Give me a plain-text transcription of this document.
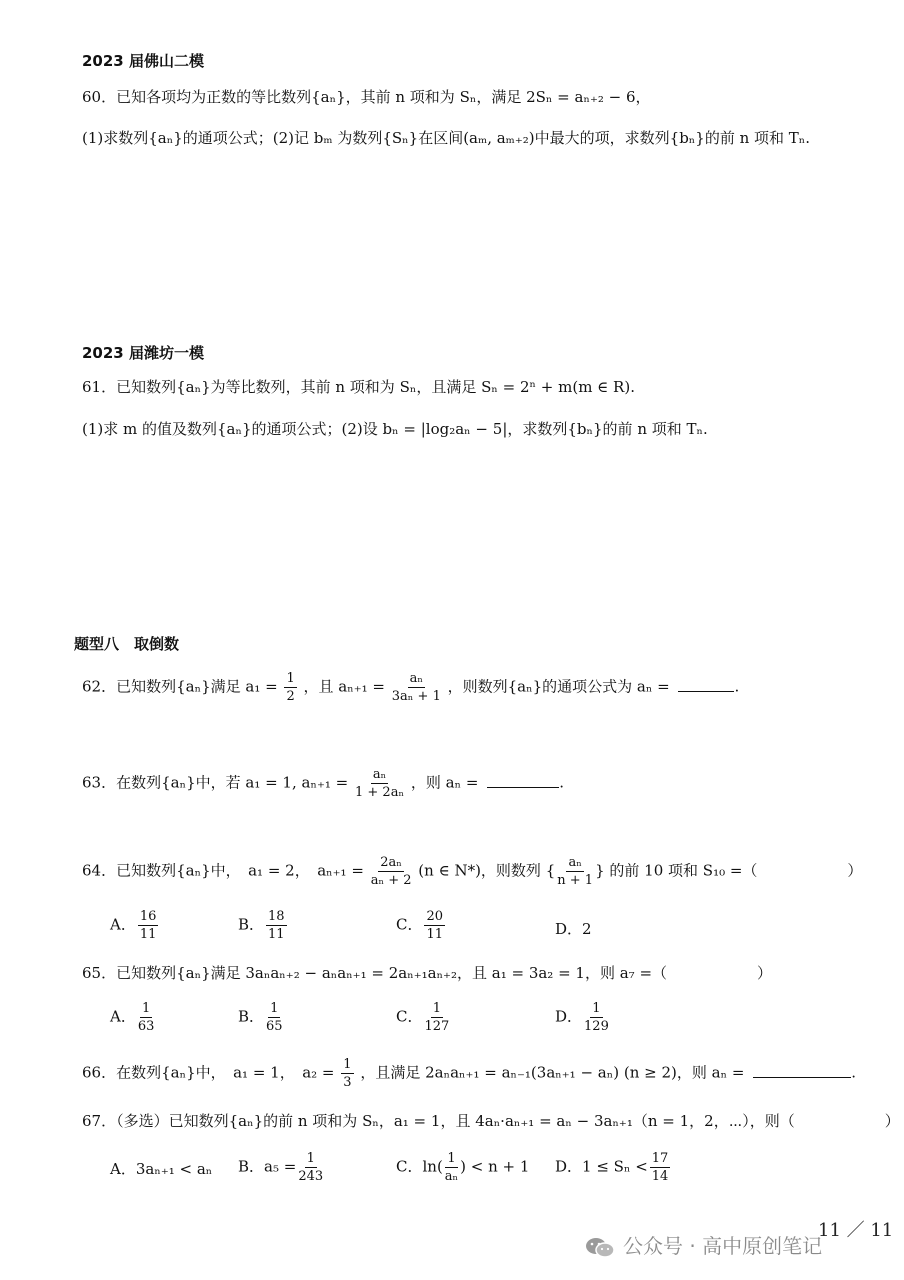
2023 届佛山二模
60．已知各项均为正数的等比数列{aₙ}，其前 n 项和为 Sₙ，满足 2Sₙ = aₙ₊₂ − 6，
(1)求数列{aₙ}的通项公式；(2)记 bₘ 为数列{Sₙ}在区间(aₘ, aₘ₊₂)中最大的项，求数列{bₙ}的前 n 项和 Tₙ.
2023 届潍坊一模
61．已知数列{aₙ}为等比数列，其前 n 项和为 Sₙ，且满足 Sₙ = 2ⁿ + m(m ∈ R).
(1)求 m 的值及数列{aₙ}的通项公式；(2)设 bₙ = |log₂aₙ − 5|，求数列{bₙ}的前 n 项和 Tₙ.
题型八　取倒数
62．已知数列{aₙ}满足 $a_1 = \frac{1}{2}$ ，且 $a_{n+1} = \frac{\text{aₙ}}{\text{3aₙ + 1}}$ ，则数列{aₙ}的通项公式为 aₙ =	.
63．在数列{aₙ}中，若 a₁ = 1, $a_{n+1} = \frac{\text{aₙ}}{\text{1 + 2aₙ}}$ ，则 aₙ =	.
64．已知数列{aₙ}中，　a₁ = 2，　$a_{n+1} = \frac{\text{2aₙ}}{\text{aₙ + 2}} (n$ ∈ N*)，则数列 { $\frac{\text{aₙ}}{n + 1}$ } 的前 10 项和 S₁₀ =（　　　　　　）
A． $\frac{16}{11}$	B． $\frac{18}{11}$	C． $\frac{20}{11}$	D．2
65．已知数列{aₙ}满足 3aₙaₙ₊₂ − aₙaₙ₊₁ = 2aₙ₊₁aₙ₊₂，且 a₁ = 3a₂ = 1，则 a₇ =（　　　　　　）
A． $\frac{1}{63}$	B． $\frac{1}{65}$	C． $\frac{1}{127}$	D． $\frac{1}{129}$
66．在数列{aₙ}中，　a₁ = 1，　$a_2 = \frac{1}{3}$ ，且满足 2aₙaₙ₊₁ = aₙ₋₁(3aₙ₊₁ − aₙ) (n ≥ 2)，则 aₙ =	.
67．（多选）已知数列{aₙ}的前 n 项和为 Sₙ，a₁ = 1，且 4aₙ·aₙ₊₁ = aₙ − 3aₙ₊₁（n = 1，2，⋯），则（　　　　　　）
A．3aₙ₊₁ < aₙ B．$a_5 = \frac{1}{243}$	C．$\ln( \frac{1}{\text{aₙ}}$ ) < n + 1 D．$1 \le S_n < \frac{17}{14}$
11 ／ 11
公众号 · 高中原创笔记
